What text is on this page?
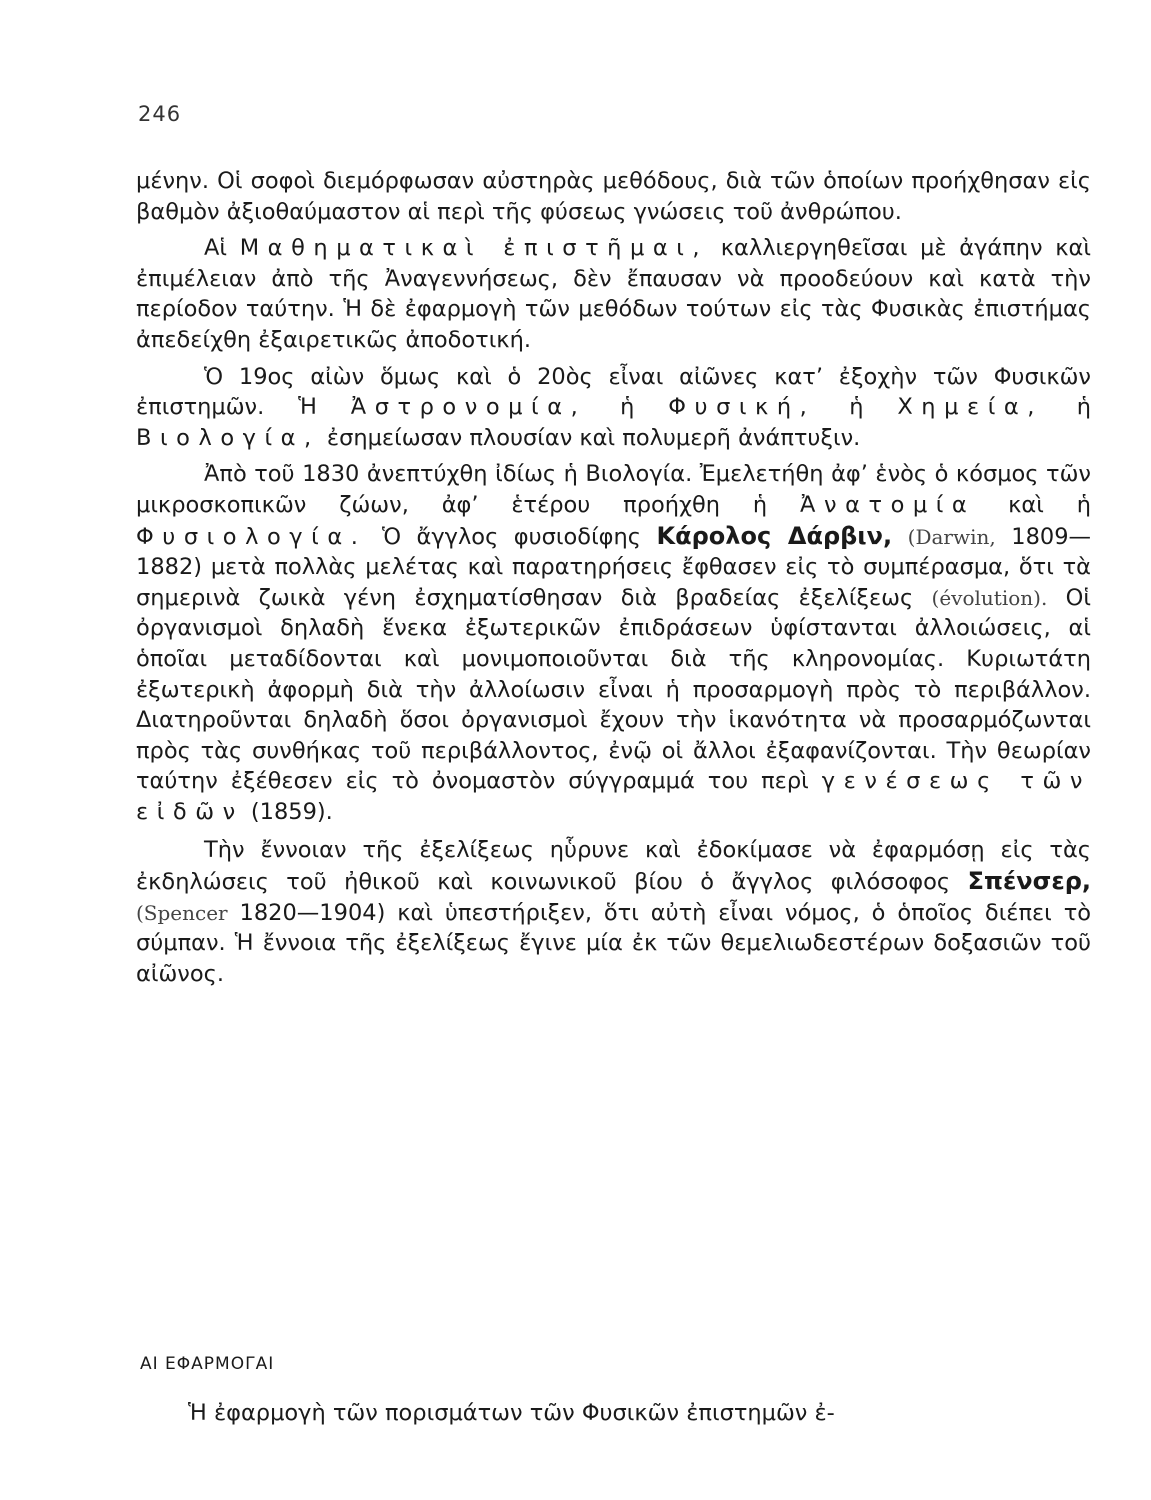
246

μένην. Οἱ σοφοὶ διεμόρφωσαν αὐστηρὰς μεθόδους, διὰ τῶν ὁποίων προήχθησαν εἰς βαθμὸν ἀξιοθαύμαστον αἱ περὶ τῆς φύσεως γνώσεις τοῦ ἀνθρώπου.

Αἱ Μαθηματικαὶ ἐπιστῆμαι, καλλιεργηθεῖσαι μὲ ἀγάπην καὶ ἐπιμέλειαν ἀπὸ τῆς Ἀναγεννήσεως, δὲν ἔπαυσαν νὰ προοδεύουν καὶ κατὰ τὴν περίοδον ταύτην. Ἡ δὲ ἐφαρμογὴ τῶν μεθόδων τούτων εἰς τὰς Φυσικὰς ἐπιστήμας ἀπεδείχθη ἐξαιρετικῶς ἀποδοτική.

Ὁ 19ος αἰὼν ὅμως καὶ ὁ 20ὸς εἶναι αἰῶνες κατ’ ἐξοχὴν τῶν Φυσικῶν ἐπιστημῶν. Ἡ Ἀστρονομία, ἡ Φυσική, ἡ Χημεία, ἡ Βιολογία, ἐσημείωσαν πλουσίαν καὶ πολυμερῆ ἀνάπτυξιν.

Ἀπὸ τοῦ 1830 ἀνεπτύχθη ἰδίως ἡ Βιολογία. Ἐμελετήθη ἀφ’ ἑνὸς ὁ κόσμος τῶν μικροσκοπικῶν ζώων, ἀφ’ ἑτέρου προήχθη ἡ Ἀνατομία καὶ ἡ Φυσιολογία. Ὁ ἄγγλος φυσιοδίφης Κάρολος Δάρβιν, (Darwin, 1809—1882) μετὰ πολλὰς μελέτας καὶ παρατηρήσεις ἔφθασεν εἰς τὸ συμπέρασμα, ὅτι τὰ σημερινὰ ζωικὰ γένη ἐσχηματίσθησαν διὰ βραδείας ἐξελίξεως (évolution). Οἱ ὀργανισμοὶ δηλαδὴ ἕνεκα ἐξωτερικῶν ἐπιδράσεων ὑφίστανται ἀλλοιώσεις, αἱ ὁποῖαι μεταδίδονται καὶ μονιμοποιοῦνται διὰ τῆς κληρονομίας. Κυριωτάτη ἐξωτερικὴ ἀφορμὴ διὰ τὴν ἀλλοίωσιν εἶναι ἡ προσαρμογὴ πρὸς τὸ περιβάλλον. Διατηροῦνται δηλαδὴ ὅσοι ὀργανισμοὶ ἔχουν τὴν ἱκανότητα νὰ προσαρμόζωνται πρὸς τὰς συνθήκας τοῦ περιβάλλοντος, ἐνῷ οἱ ἄλλοι ἐξαφανίζονται. Τὴν θεωρίαν ταύτην ἐξέθεσεν εἰς τὸ ὀνομαστὸν σύγγραμμά του περὶ γενέσεως τῶν εἰδῶν (1859).

Τὴν ἔννοιαν τῆς ἐξελίξεως ηὗρυνε καὶ ἐδοκίμασε νὰ ἐφαρμόσῃ εἰς τὰς ἐκδηλώσεις τοῦ ἠθικοῦ καὶ κοινωνικοῦ βίου ὁ ἄγγλος φιλόσοφος Σπένσερ, (Spencer 1820—1904) καὶ ὑπεστήριξεν, ὅτι αὐτὴ εἶναι νόμος, ὁ ὁποῖος διέπει τὸ σύμπαν. Ἡ ἔννοια τῆς ἐξελίξεως ἔγινε μία ἐκ τῶν θεμελιωδεστέρων δοξασιῶν τοῦ αἰῶνος.

ΑΙ ΕΦΑΡΜΟΓΑΙ
Ἡ ἐφαρμογὴ τῶν πορισμάτων τῶν Φυσικῶν ἐπιστημῶν ἐ-
